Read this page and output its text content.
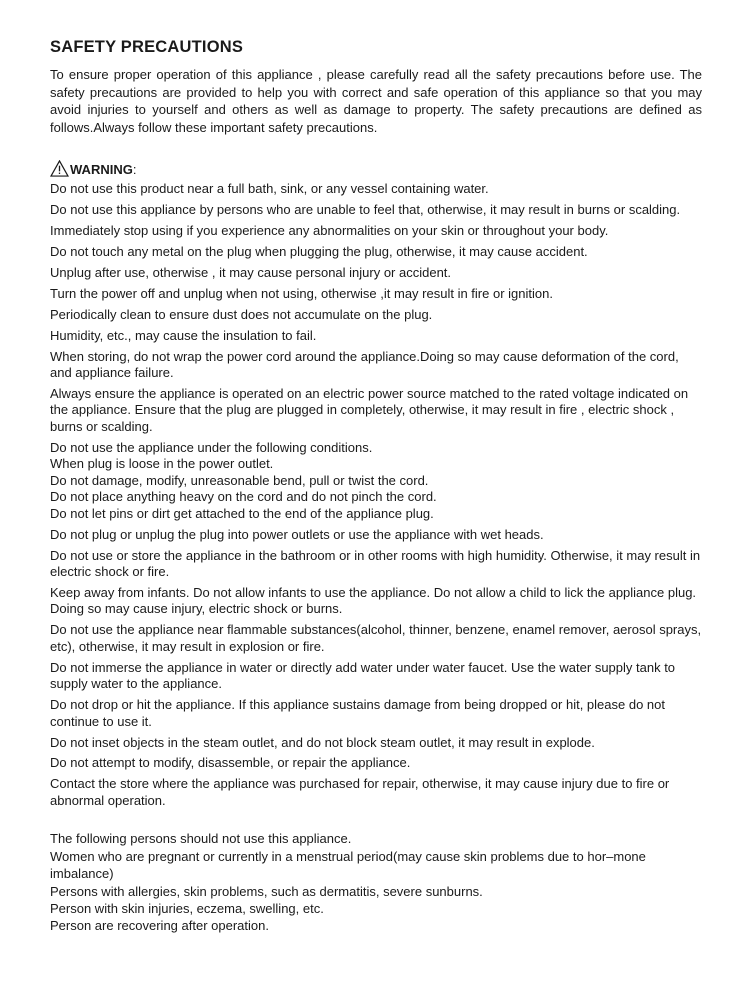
SAFETY PRECAUTIONS

To ensure proper operation of this appliance , please carefully read all the safety precautions before use. The safety precautions are provided to help you with correct and safe operation of this appliance so that you may avoid injuries to yourself and others as well as damage to property. The safety precautions are defined as follows.Always follow these important safety precautions.

WARNING :
Do not use this product near a full bath, sink, or any vessel containing water.
Do not use this appliance by persons who are unable to feel that, otherwise, it may result in burns or scalding.
Immediately stop using if you experience any abnormalities on your skin or throughout your body.
Do not touch any metal on the plug when plugging the plug, otherwise, it may cause accident.
Unplug after use, otherwise , it may cause personal injury or accident.
Turn the power off and unplug when not using, otherwise ,it may result in fire or ignition.
Periodically clean to ensure dust does not accumulate on the plug.
Humidity, etc., may cause the insulation to fail.
When storing, do not wrap the power cord around the appliance.Doing so may cause deformation of the cord, and appliance failure.
Always ensure the appliance is operated on an electric power source matched to the rated voltage indicated on the appliance. Ensure that the plug are plugged in completely, otherwise, it may result in fire , electric shock , burns or scalding.
Do not use the appliance under the following conditions.
When plug is loose in the power outlet.
Do not damage, modify, unreasonable bend, pull or twist the cord.
Do not place anything heavy on the cord and do not pinch the cord.
Do not let pins or dirt get attached to the end of the appliance plug.
Do not plug or unplug the plug into power outlets or use the appliance with wet heads.
Do not use or store the appliance in the bathroom or in other rooms with high humidity. Otherwise, it may result in electric shock or fire.
Keep away from infants. Do not allow infants to use the appliance. Do not allow a child to lick the appliance plug. Doing so may cause injury, electric shock or burns.
Do not use the appliance near flammable substances(alcohol, thinner, benzene, enamel remover, aerosol sprays, etc), otherwise, it may result in explosion or fire.
Do not immerse the appliance in water or directly add water under water faucet. Use the water supply tank to supply water to the appliance.
Do not drop or hit the appliance. If this appliance sustains damage from being dropped or hit, please do not continue to use it.
Do not inset objects in the steam outlet, and do not block steam outlet, it may result in explode.
Do not attempt to modify, disassemble, or repair the appliance.
Contact the store where the appliance was purchased for repair, otherwise, it may cause injury due to fire or abnormal operation.
The following persons should not use this appliance.
Women who are pregnant or currently in a menstrual period(may cause skin problems due to hor–mone imbalance)
Persons with allergies, skin problems, such as dermatitis, severe sunburns.
Person with skin injuries, eczema, swelling, etc.
Person are recovering after operation.
